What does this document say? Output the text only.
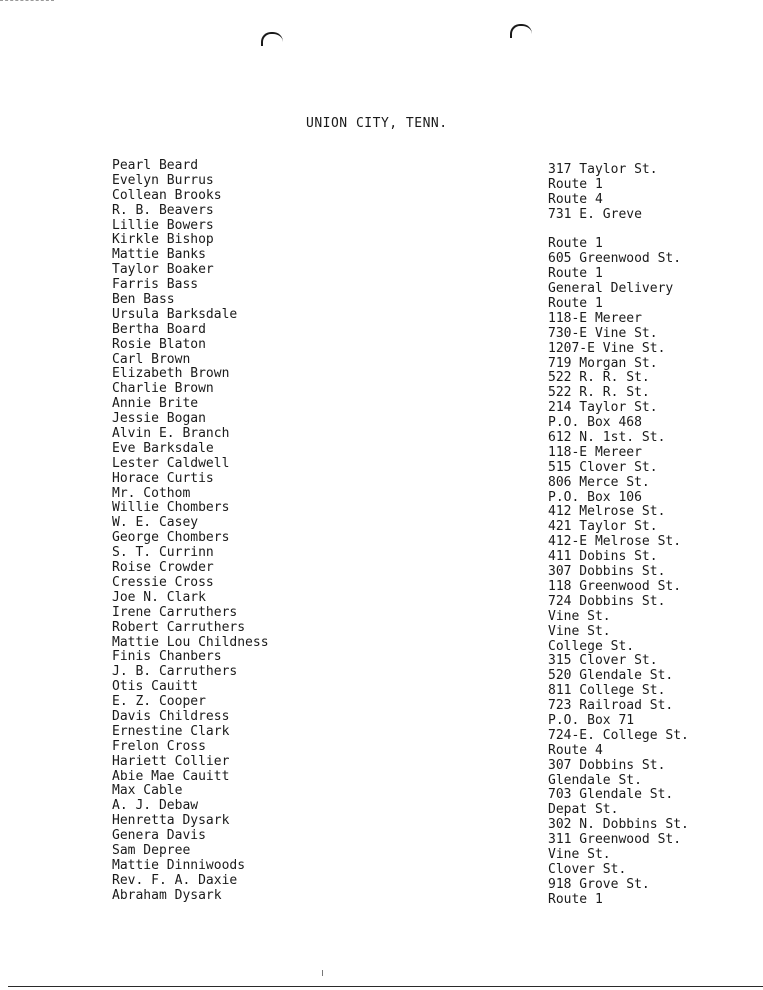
UNION CITY, TENN.
Pearl Beard
Evelyn Burrus
Collean Brooks
R. B. Beavers
Lillie Bowers
Kirkle Bishop
Mattie Banks
Taylor Boaker
Farris Bass
Ben Bass
Ursula Barksdale
Bertha Board
Rosie Blaton
Carl Brown
Elizabeth Brown
Charlie Brown
Annie Brite
Jessie Bogan
Alvin E. Branch
Eve Barksdale
Lester Caldwell
Horace Curtis
Mr. Cothom
Willie Chombers
W. E. Casey
George Chombers
S. T. Currinn
Roise Crowder
Cressie Cross
Joe N. Clark
Irene Carruthers
Robert Carruthers
Mattie Lou Childness
Finis Chanbers
J. B. Carruthers
Otis Cauitt
E. Z. Cooper
Davis Childress
Ernestine Clark
Frelon Cross
Hariett Collier
Abie Mae Cauitt
Max Cable
A. J. Debaw
Henretta Dysark
Genera Davis
Sam Depree
Mattie Dinniwoods
Rev. F. A. Daxie
Abraham Dysark
317 Taylor St.
Route 1
Route 4
731 E. Greve
Route 1
605 Greenwood St.
Route 1
General Delivery
Route 1
118-E Mereer
730-E Vine St.
1207-E Vine St.
719 Morgan St.
522 R. R. St.
522 R. R. St.
214 Taylor St.
P.O. Box 468
612 N. 1st. St.
118-E Mereer
515 Clover St.
806 Merce St.
P.O. Box 106
412 Melrose St.
421 Taylor St.
412-E Melrose St.
411 Dobins St.
307 Dobbins St.
118 Greenwood St.
724 Dobbins St.
Vine St.
Vine St.
College St.
315 Clover St.
520 Glendale St.
811 College St.
723 Railroad St.
P.O. Box 71
724-E. College St.
Route 4
307 Dobbins St.
Glendale St.
703 Glendale St.
Depat St.
302 N. Dobbins St.
311 Greenwood St.
Vine St.
Clover St.
918 Grove St.
Route 1
